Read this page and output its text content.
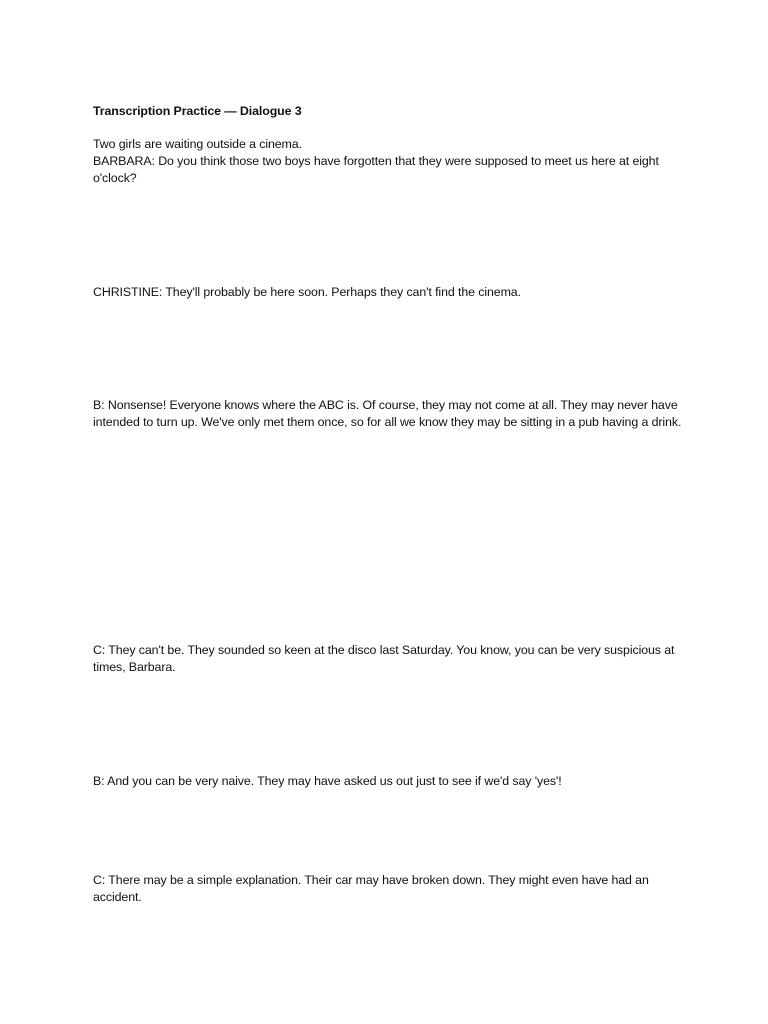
Transcription Practice — Dialogue 3

Two girls are waiting outside a cinema.

BARBARA: Do you think those two boys have forgotten that they were supposed to meet us here at eight o'clock?

CHRISTINE: They'll probably be here soon. Perhaps they can't find the cinema.

B: Nonsense! Everyone knows where the ABC is. Of course, they may not come at all. They may never have intended to turn up. We've only met them once, so for all we know they may be sitting in a pub having a drink.

C: They can't be. They sounded so keen at the disco last Saturday. You know, you can be very suspicious at times, Barbara.

B: And you can be very naive. They may have asked us out just to see if we'd say 'yes'!

C: There may be a simple explanation. Their car may have broken down. They might even have had an accident.
